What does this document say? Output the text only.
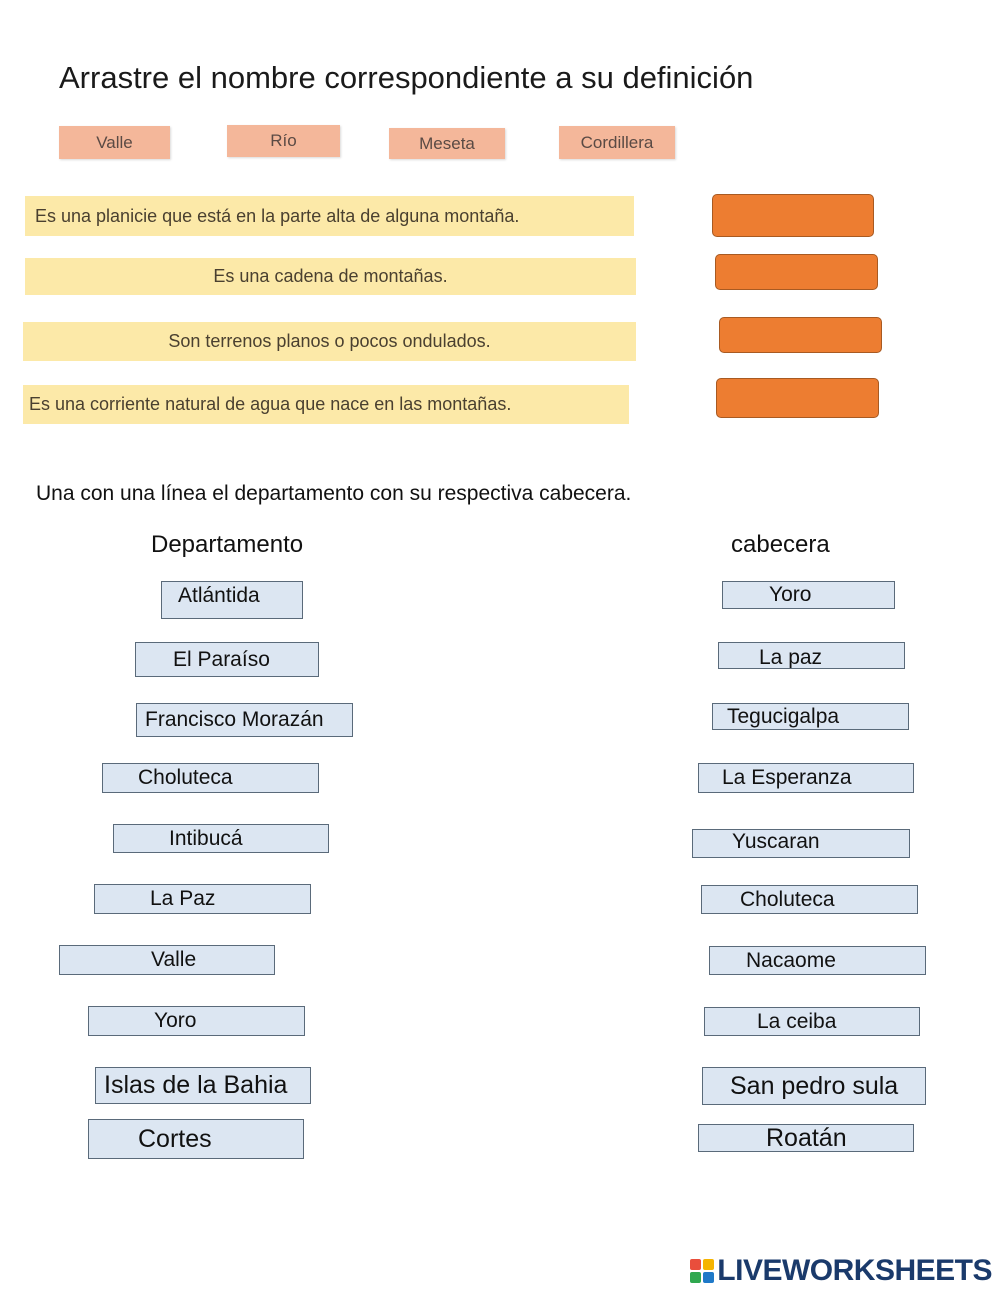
Arrastre el nombre correspondiente a su definición
Valle	Río	Meseta	Cordillera
Es una planicie que está en la parte alta de alguna montaña.
Es una cadena de montañas.
Son terrenos planos o pocos ondulados.
Es una corriente natural de agua que nace en las montañas.
Una con una línea el departamento con su respectiva cabecera.
Departamento	cabecera
Atlántida
El Paraíso
Francisco Morazán
Choluteca
Intibucá
La Paz
Valle
Yoro
Islas de la Bahia
Cortes
Yoro
La paz
Tegucigalpa
La Esperanza
Yuscaran
Choluteca
Nacaome
La ceiba
San pedro sula
Roatán
LIVEWORKSHEETS
